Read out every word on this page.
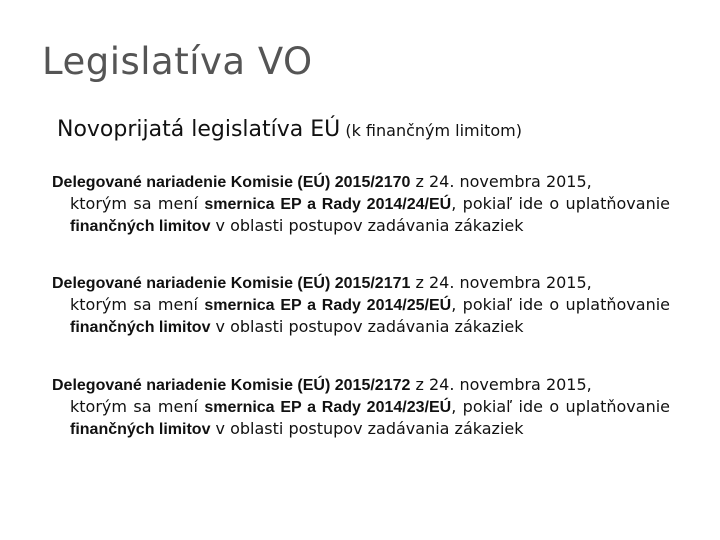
Legislatíva VO

Novoprijatá legislatíva EÚ (k finančným limitom)

Delegované nariadenie Komisie (EÚ) 2015/2170 z 24. novembra 2015,
ktorým sa mení smernica EP a Rady 2014/24/EÚ, pokiaľ ide o uplatňovanie finančných limitov v oblasti postupov zadávania zákaziek
Delegované nariadenie Komisie (EÚ) 2015/2171 z 24. novembra 2015,
ktorým sa mení smernica EP a Rady 2014/25/EÚ, pokiaľ ide o uplatňovanie finančných limitov v oblasti postupov zadávania zákaziek
Delegované nariadenie Komisie (EÚ) 2015/2172 z 24. novembra 2015,
ktorým sa mení smernica EP a Rady 2014/23/EÚ, pokiaľ ide o uplatňovanie finančných limitov v oblasti postupov zadávania zákaziek
